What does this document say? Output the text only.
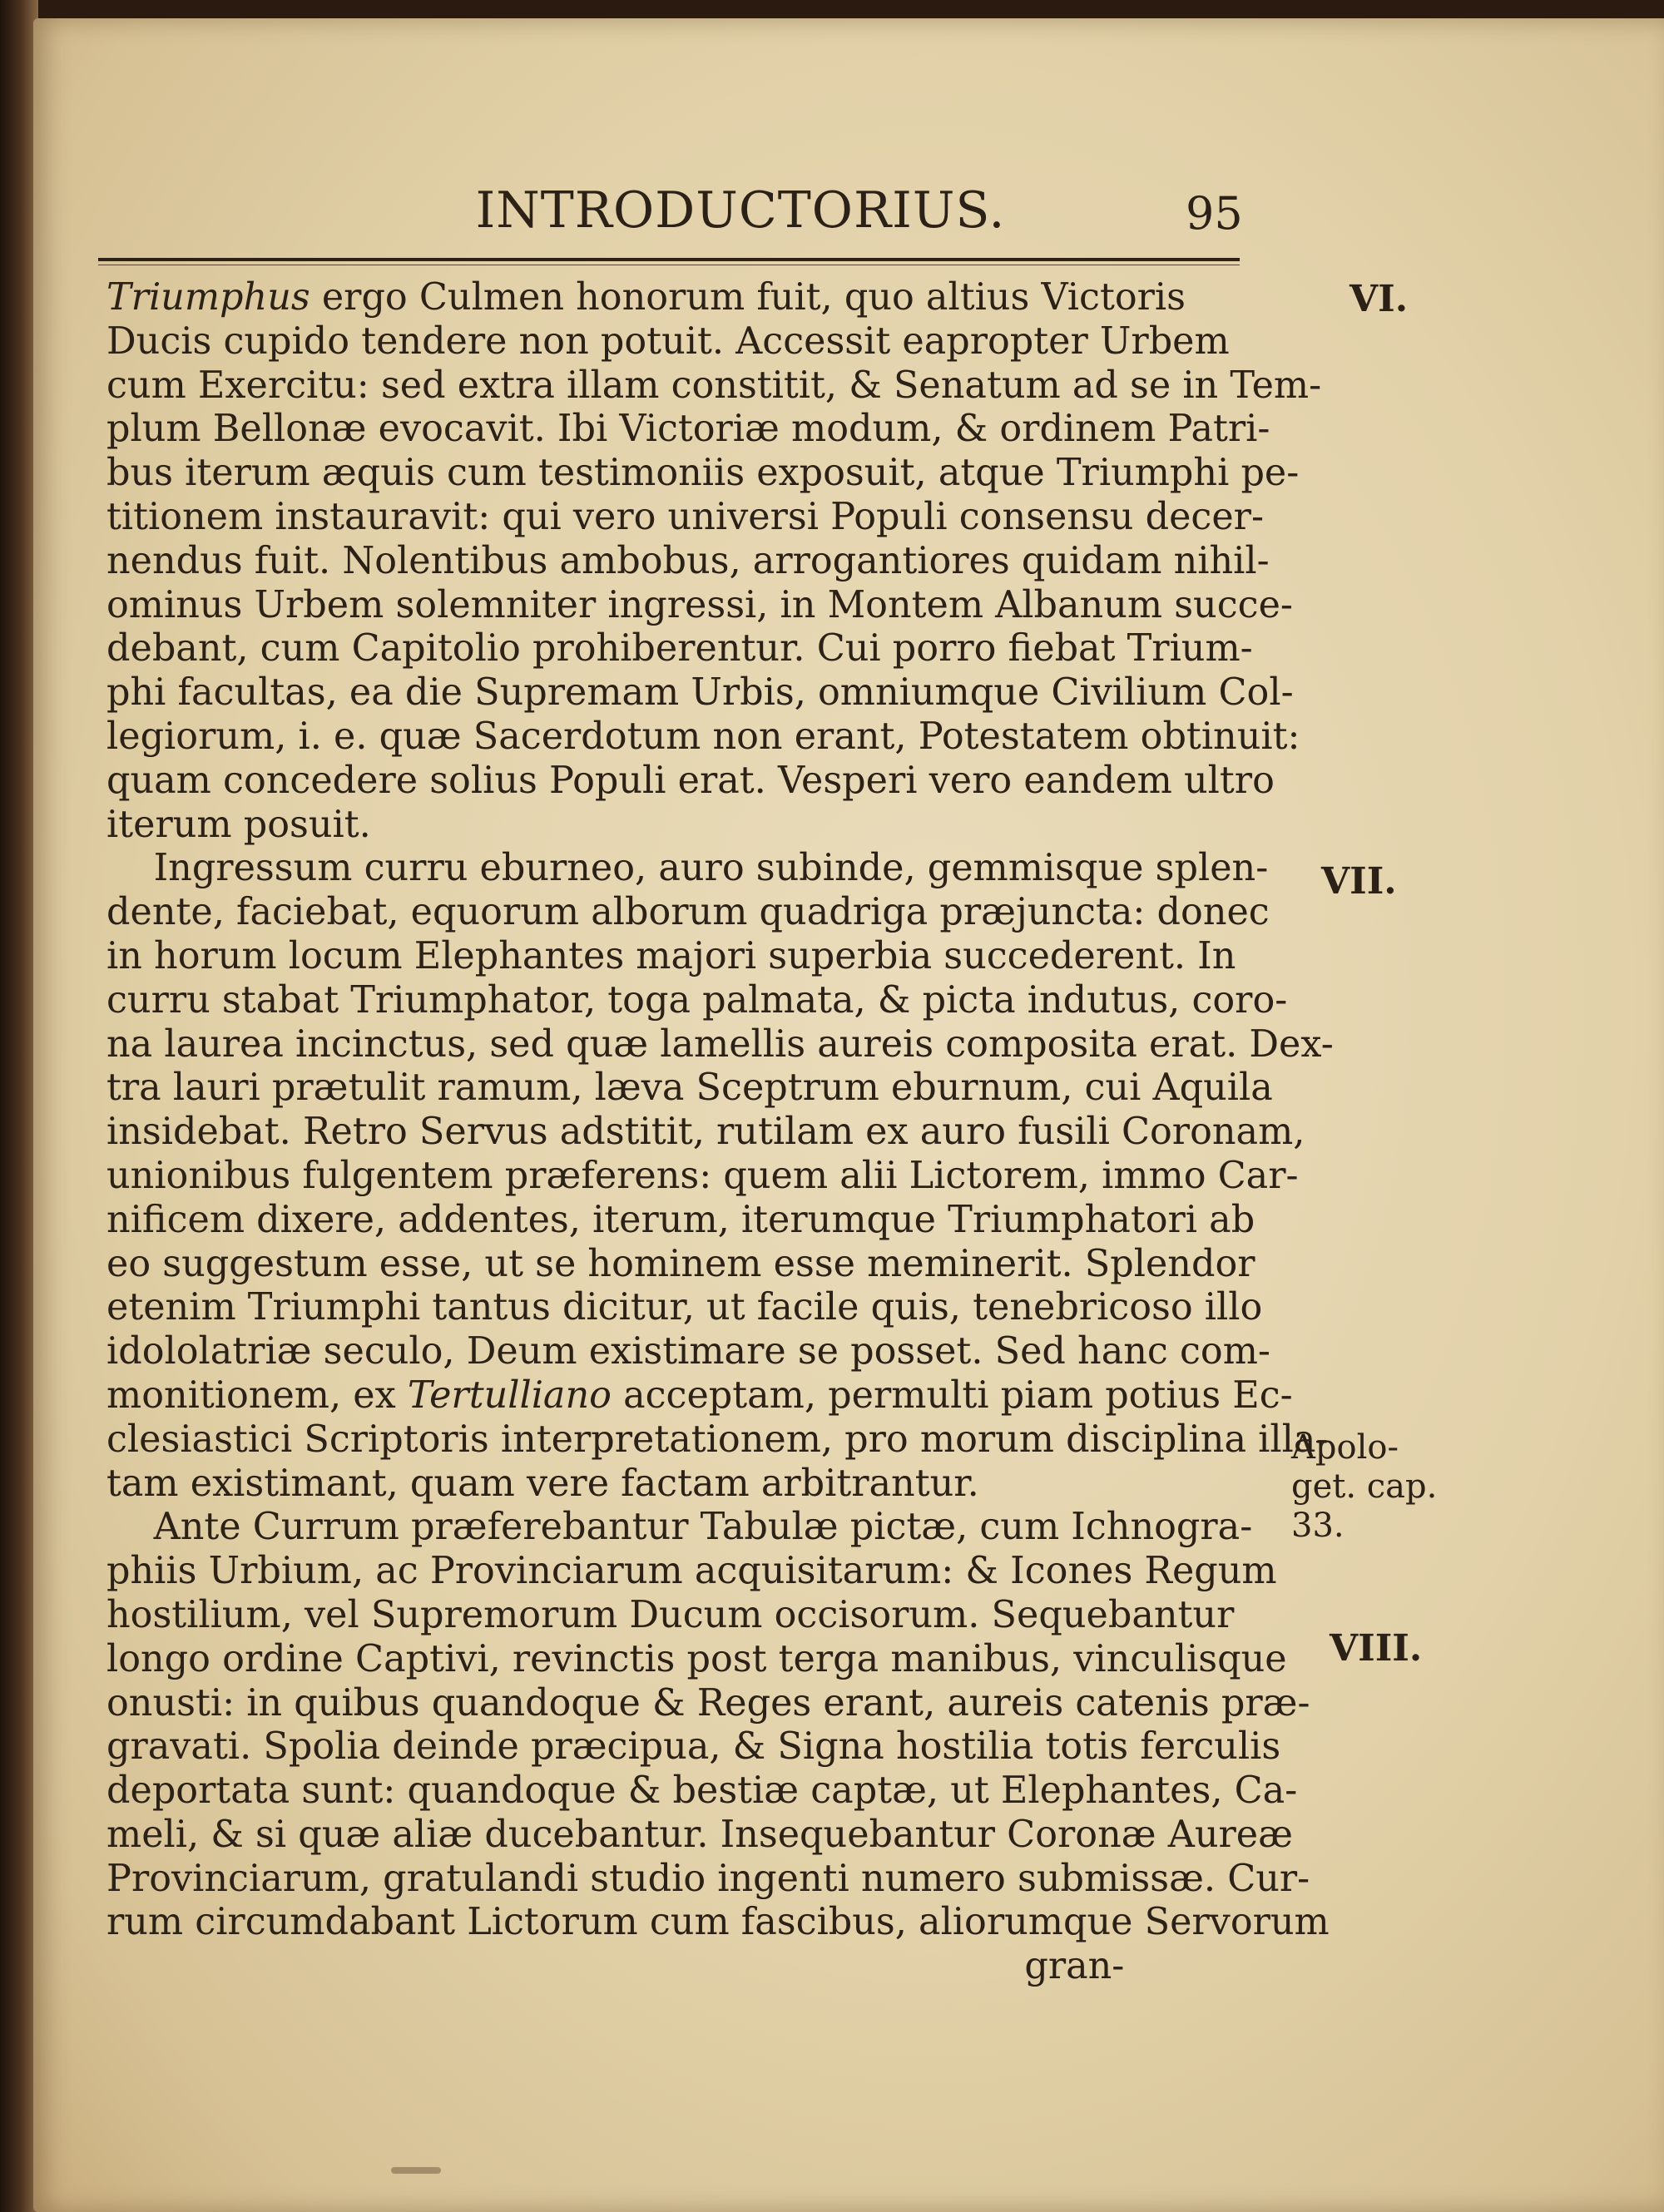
INTRODUCTORIUS.	95
Triumphus ergo Culmen honorum fuit, quo altius Victoris
Ducis cupido tendere non potuit. Accessit eapropter Urbem
cum Exercitu: sed extra illam constitit, & Senatum ad se in Tem-
plum Bellonæ evocavit. Ibi Victoriæ modum, & ordinem Patri-
bus iterum æquis cum testimoniis exposuit, atque Triumphi pe-
titionem instauravit: qui vero universi Populi consensu decer-
nendus fuit. Nolentibus ambobus, arrogantiores quidam nihil-
ominus Urbem solemniter ingressi, in Montem Albanum succe-
debant, cum Capitolio prohiberentur. Cui porro fiebat Trium-
phi facultas, ea die Supremam Urbis, omniumque Civilium Col-
legiorum, i. e. quæ Sacerdotum non erant, Potestatem obtinuit:
quam concedere solius Populi erat. Vesperi vero eandem ultro
iterum posuit.
Ingressum curru eburneo, auro subinde, gemmisque splen-
dente, faciebat, equorum alborum quadriga præjuncta: donec
in horum locum Elephantes majori superbia succederent. In
curru stabat Triumphator, toga palmata, & picta indutus, coro-
na laurea incinctus, sed quæ lamellis aureis composita erat. Dex-
tra lauri prætulit ramum, læva Sceptrum eburnum, cui Aquila
insidebat. Retro Servus adstitit, rutilam ex auro fusili Coronam,
unionibus fulgentem præferens: quem alii Lictorem, immo Car-
nificem dixere, addentes, iterum, iterumque Triumphatori ab
eo suggestum esse, ut se hominem esse meminerit. Splendor
etenim Triumphi tantus dicitur, ut facile quis, tenebricoso illo
idololatriæ seculo, Deum existimare se posset. Sed hanc com-
monitionem, ex Tertulliano acceptam, permulti piam potius Ec-
clesiastici Scriptoris interpretationem, pro morum disciplina illa-
tam existimant, quam vere factam arbitrantur.
Ante Currum præferebantur Tabulæ pictæ, cum Ichnogra-
phiis Urbium, ac Provinciarum acquisitarum: & Icones Regum
hostilium, vel Supremorum Ducum occisorum. Sequebantur
longo ordine Captivi, revinctis post terga manibus, vinculisque
onusti: in quibus quandoque & Reges erant, aureis catenis præ-
gravati. Spolia deinde præcipua, & Signa hostilia totis ferculis
deportata sunt: quandoque & bestiæ captæ, ut Elephantes, Ca-
meli, & si quæ aliæ ducebantur. Insequebantur Coronæ Aureæ
Provinciarum, gratulandi studio ingenti numero submissæ. Cur-
rum circumdabant Lictorum cum fascibus, aliorumque Servorum
gran-
VI.
VII.
Apolo-
get. cap.
33.
VIII.
